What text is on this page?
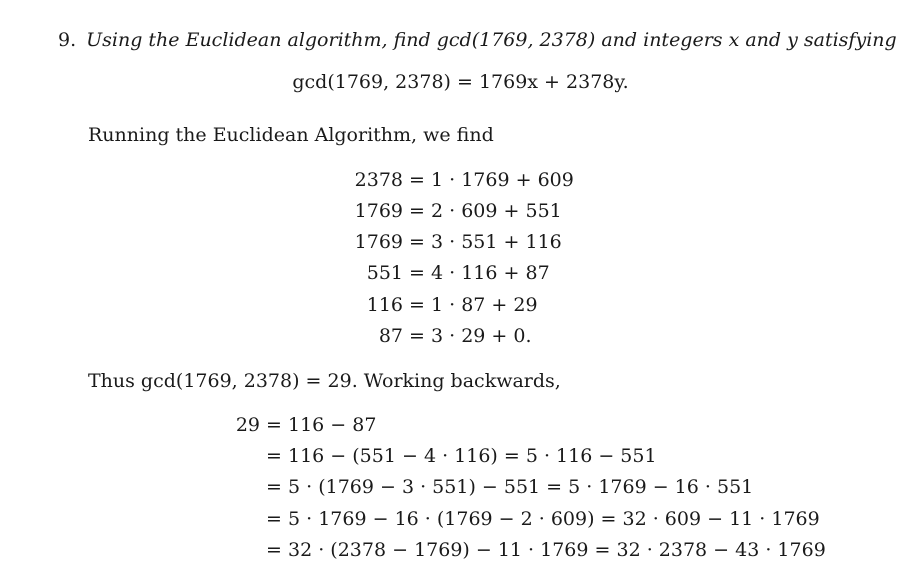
9. Using the Euclidean algorithm, find gcd(1769, 2378) and integers x and y satisfying
gcd(1769, 2378) = 1769x + 2378y.
Running the Euclidean Algorithm, we find
2378 = 1 · 1769 + 609
1769 = 2 · 609 + 551
1769 = 3 · 551 + 116
551 = 4 · 116 + 87
116 = 1 · 87 + 29
87 = 3 · 29 + 0.
Thus gcd(1769, 2378) = 29. Working backwards,
29 = 116 − 87
= 116 − (551 − 4 · 116) = 5 · 116 − 551
= 5 · (1769 − 3 · 551) − 551 = 5 · 1769 − 16 · 551
= 5 · 1769 − 16 · (1769 − 2 · 609) = 32 · 609 − 11 · 1769
= 32 · (2378 − 1769) − 11 · 1769 = 32 · 2378 − 43 · 1769
